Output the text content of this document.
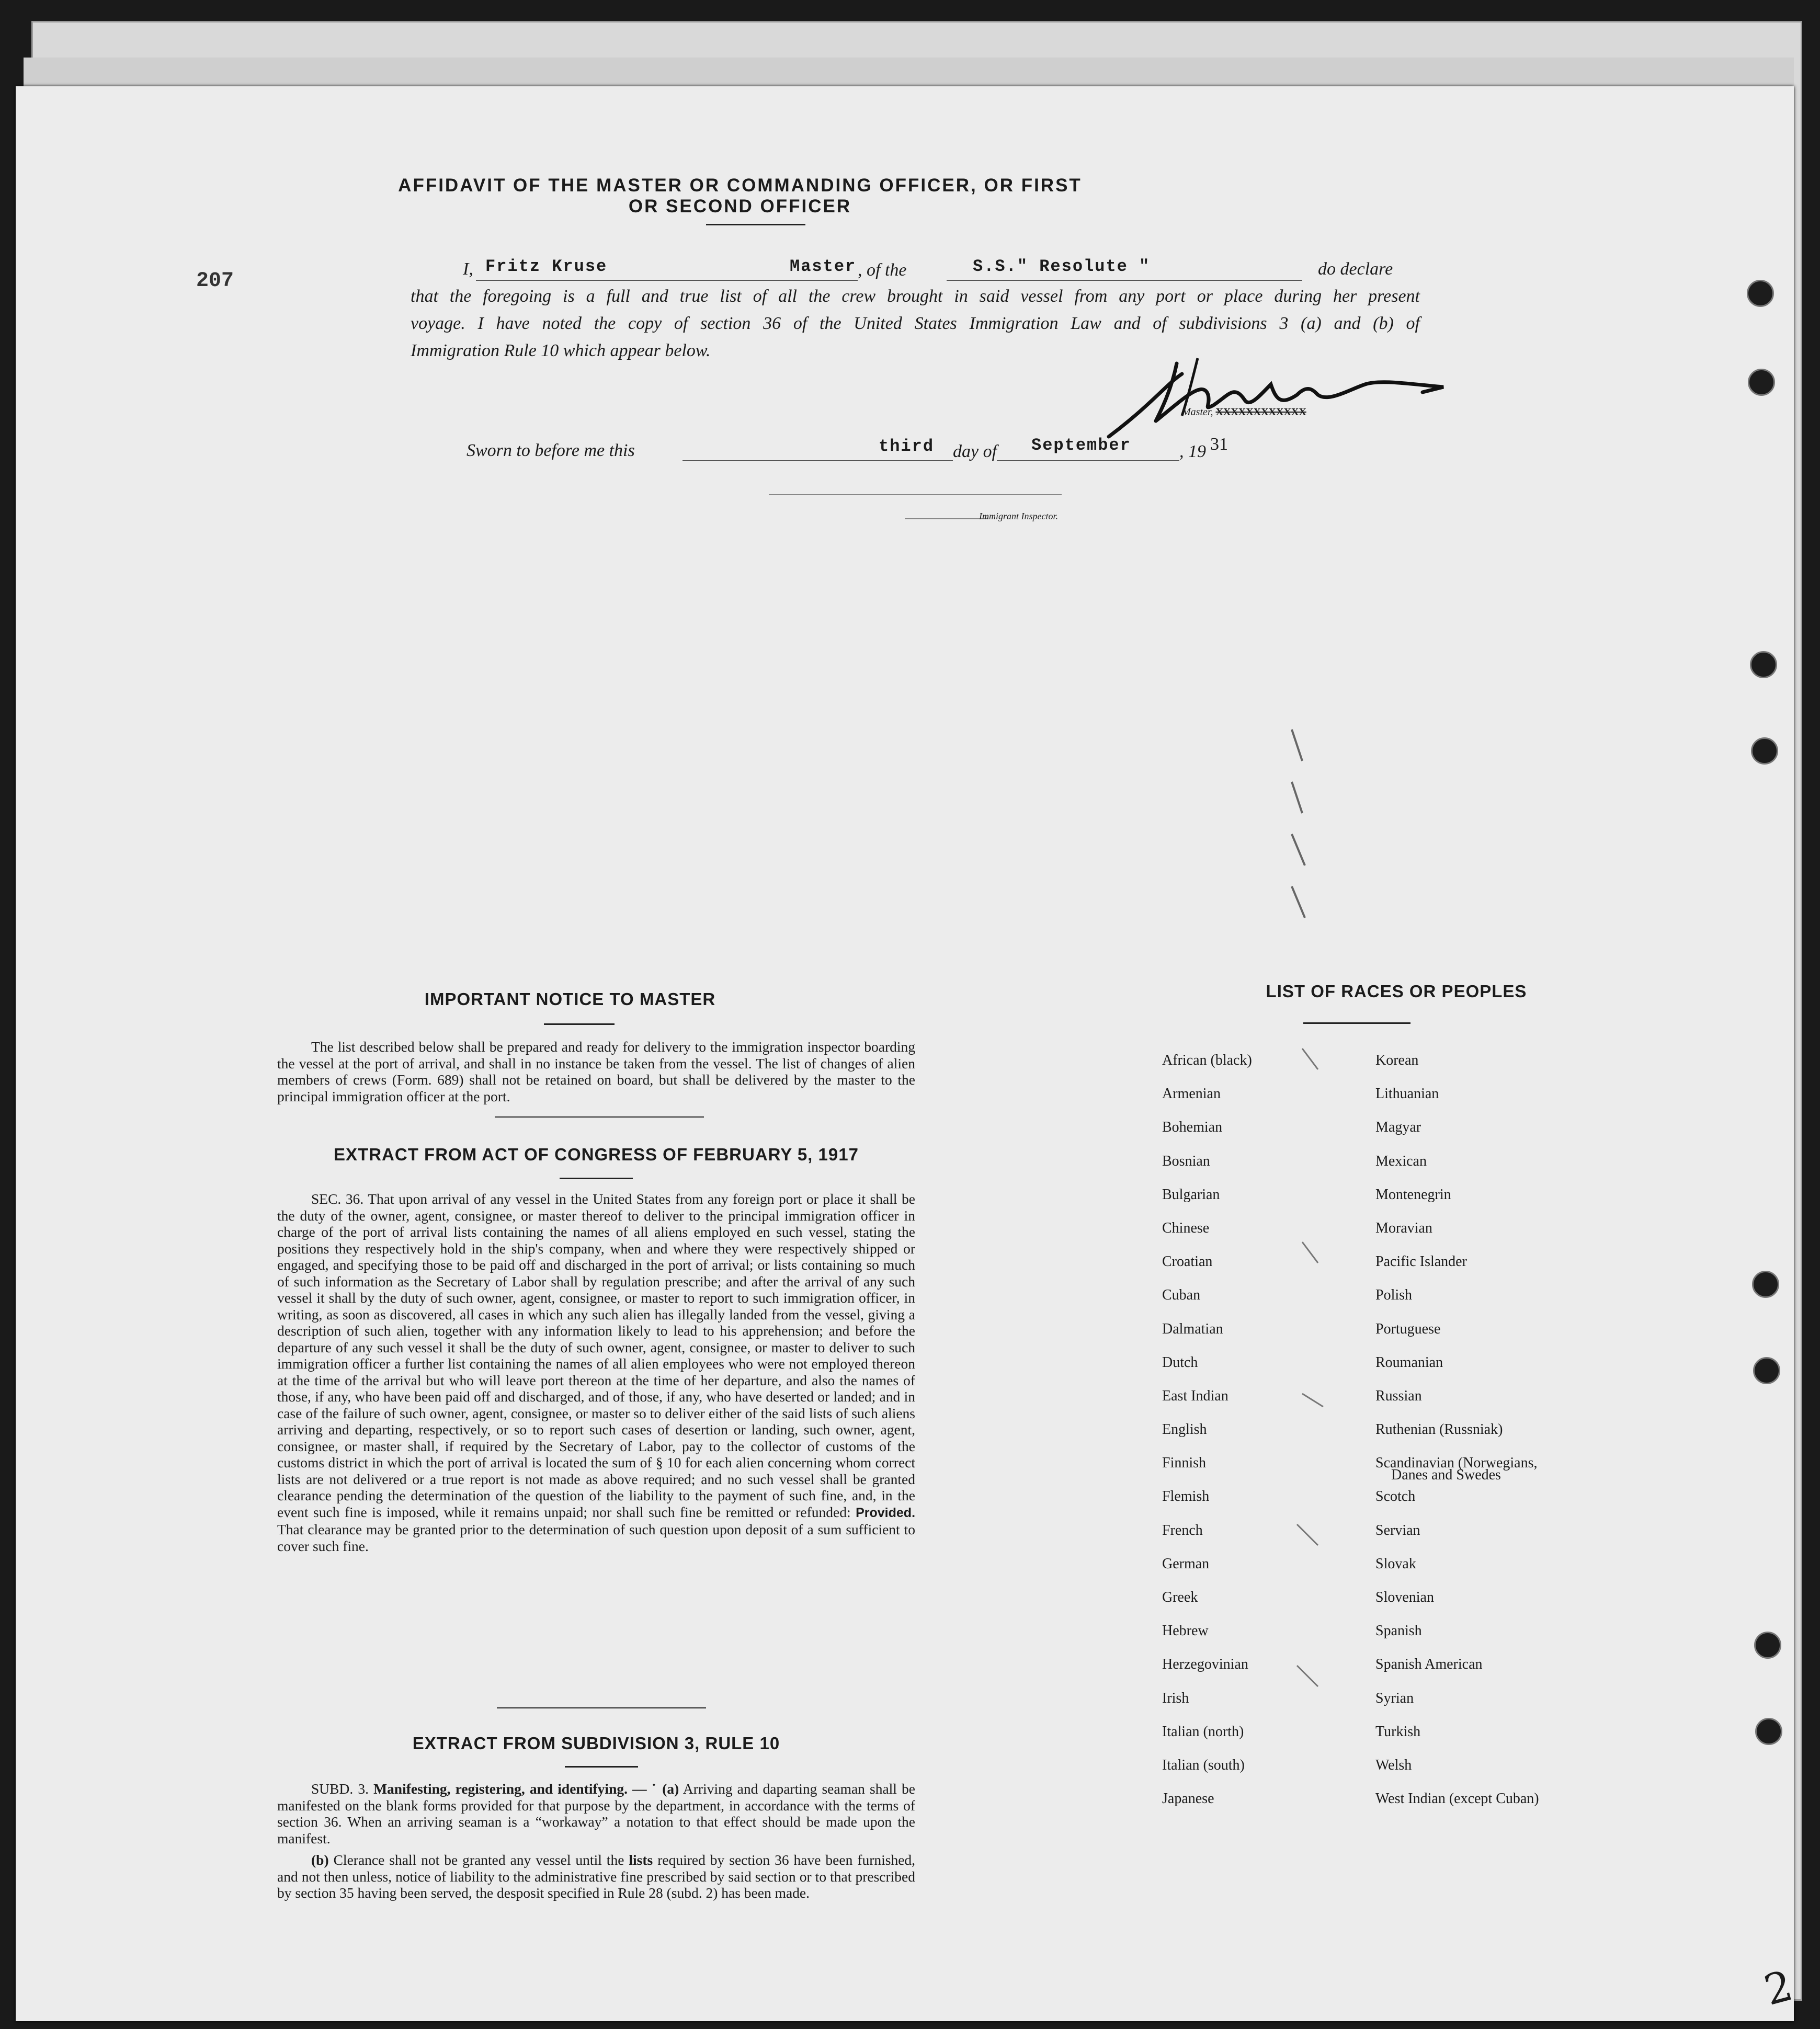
AFFIDAVIT OF THE MASTER OR COMMANDING OFFICER, OR FIRST OR SECOND OFFICER
207
I, Fritz Kruse	Master , of the	S.S." Resolute "	do declare
that the foregoing is a full and true list of all the crew brought in said vessel from any port or place during her present
voyage. I have noted the copy of section 36 of the United States Immigration Law and of subdivisions 3 (a) and (b) of
Immigration Rule 10 which appear below.
Master, XXXXXXXXXXXX
Sworn to before me this	third day of September	, 19 31
Immigrant Inspector.
IMPORTANT NOTICE TO MASTER
The list described below shall be prepared and ready for delivery to the immigration inspector boarding the vessel at the port of arrival, and shall in no instance be taken from the vessel. The list of changes of alien members of crews (Form. 689) shall not be retained on board, but shall be delivered by the master to the principal immigration officer at the port.
EXTRACT FROM ACT OF CONGRESS OF FEBRUARY 5, 1917
SEC. 36. That upon arrival of any vessel in the United States from any foreign port or place it shall be the duty of the owner, agent, consignee, or master thereof to deliver to the principal immigration officer in charge of the port of arrival lists containing the names of all aliens employed en such vessel, stating the positions they respectively hold in the ship's company, when and where they were respectively shipped or engaged, and specifying those to be paid off and discharged in the port of arrival; or lists containing so much of such information as the Secretary of Labor shall by regulation prescribe; and after the arrival of any such vessel it shall by the duty of such owner, agent, consignee, or master to report to such immigration officer, in writing, as soon as discovered, all cases in which any such alien has illegally landed from the vessel, giving a description of such alien, together with any information likely to lead to his apprehension; and before the departure of any such vessel it shall be the duty of such owner, agent, consignee, or master to deliver to such immigration officer a further list containing the names of all alien employees who were not employed thereon at the time of the arrival but who will leave port thereon at the time of her departure, and also the names of those, if any, who have been paid off and discharged, and of those, if any, who have deserted or landed; and in case of the failure of such owner, agent, consignee, or master so to deliver either of the said lists of such aliens arriving and departing, respectively, or so to report such cases of desertion or landing, such owner, agent, consignee, or master shall, if required by the Secretary of Labor, pay to the collector of customs of the customs district in which the port of arrival is located the sum of § 10 for each alien concerning whom correct lists are not delivered or a true report is not made as above required; and no such vessel shall be granted clearance pending the determination of the question of the liability to the payment of such fine, and, in the event such fine is imposed, while it remains unpaid; nor shall such fine be remitted or refunded: Provided. That clearance may be granted prior to the determination of such question upon deposit of a sum sufficient to cover such fine.
EXTRACT FROM SUBDIVISION 3, RULE 10
SUBD. 3. Manifesting, registering, and identifying. — ˙ (a) Arriving and daparting seaman shall be manifested on the blank forms provided for that purpose by the department, in accordance with the terms of section 36. When an arriving seaman is a “workaway” a notation to that effect should be made upon the manifest.
(b) Clerance shall not be granted any vessel until the lists required by section 36 have been furnished, and not then unless, notice of liability to the administrative fine prescribed by said section or to that prescribed by section 35 having been served, the desposit specified in Rule 28 (subd. 2) has been made.
LIST OF RACES OR PEOPLES
African (black)
Armenian
Bohemian
Bosnian
Bulgarian
Chinese
Croatian
Cuban
Dalmatian
Dutch
East Indian
English
Finnish
Flemish
French
German
Greek
Hebrew
Herzegovinian
Irish
Italian (north)
Italian (south)
Japanese
Korean
Lithuanian
Magyar
Mexican
Montenegrin
Moravian
Pacific Islander
Polish
Portuguese
Roumanian
Russian
Ruthenian (Russniak)
Scandinavian (Norwegians,
Scotch
Servian
Slovak
Slovenian
Spanish
Spanish American
Syrian
Turkish
Welsh
West Indian (except Cuban)
Danes and Swedes
2
